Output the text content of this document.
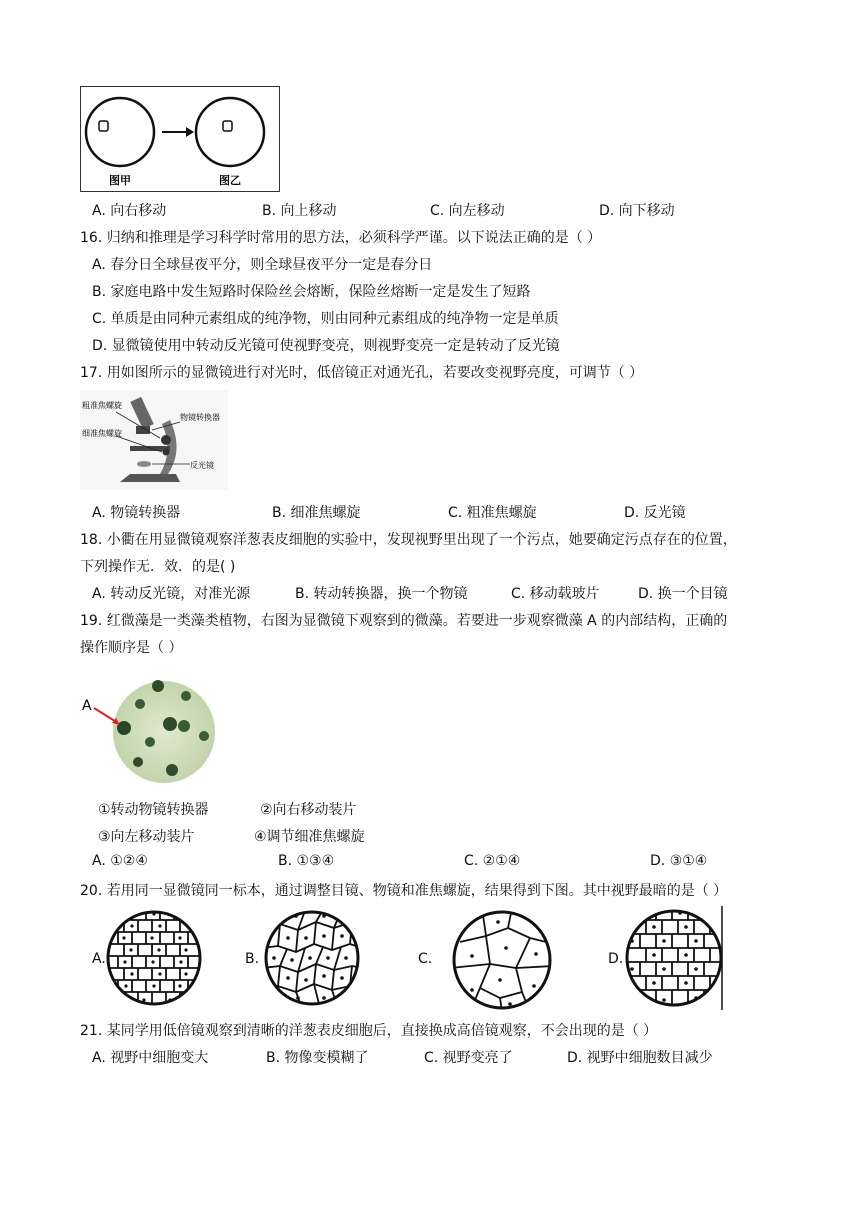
图甲	图乙
A. 向右移动	B. 向上移动	C. 向左移动	D. 向下移动
16. 归纳和推理是学习科学时常用的思方法，必须科学严谨。以下说法正确的是（ ）
A. 春分日全球昼夜平分，则全球昼夜平分一定是春分日
B. 家庭电路中发生短路时保险丝会熔断，保险丝熔断一定是发生了短路
C. 单质是由同种元素组成的纯净物，则由同种元素组成的纯净物一定是单质
D. 显微镜使用中转动反光镜可使视野变亮，则视野变亮一定是转动了反光镜
17. 用如图所示的显微镜进行对光时，低倍镜正对通光孔，若要改变视野亮度，可调节（ ）
粗准焦螺旋
细准焦螺旋
物镜转换器
反光镜
A. 物镜转换器	B. 细准焦螺旋	C. 粗准焦螺旋	D. 反光镜
18. 小衢在用显微镜观察洋葱表皮细胞的实验中，发现视野里出现了一个污点，她要确定污点存在的位置，
下列操作无．效．的是( )
A. 转动反光镜，对准光源	B. 转动转换器，换一个物镜	C. 移动载玻片	D. 换一个目镜
19. 红微藻是一类藻类植物，右图为显微镜下观察到的微藻。若要进一步观察微藻 A 的内部结构，正确的
操作顺序是（ ）
A
①转动物镜转换器	②向右移动装片
③向左移动装片	④调节细准焦螺旋
A. ①②④	B. ①③④	C. ②①④	D. ③①④
20. 若用同一显微镜同一标本，通过调整目镜、物镜和准焦螺旋，结果得到下图。其中视野最暗的是（ ）
A.	B.	C.	D.
21. 某同学用低倍镜观察到清晰的洋葱表皮细胞后，直接换成高倍镜观察，不会出现的是（ ）
A. 视野中细胞变大	B. 物像变模糊了	C. 视野变亮了	D. 视野中细胞数目减少
